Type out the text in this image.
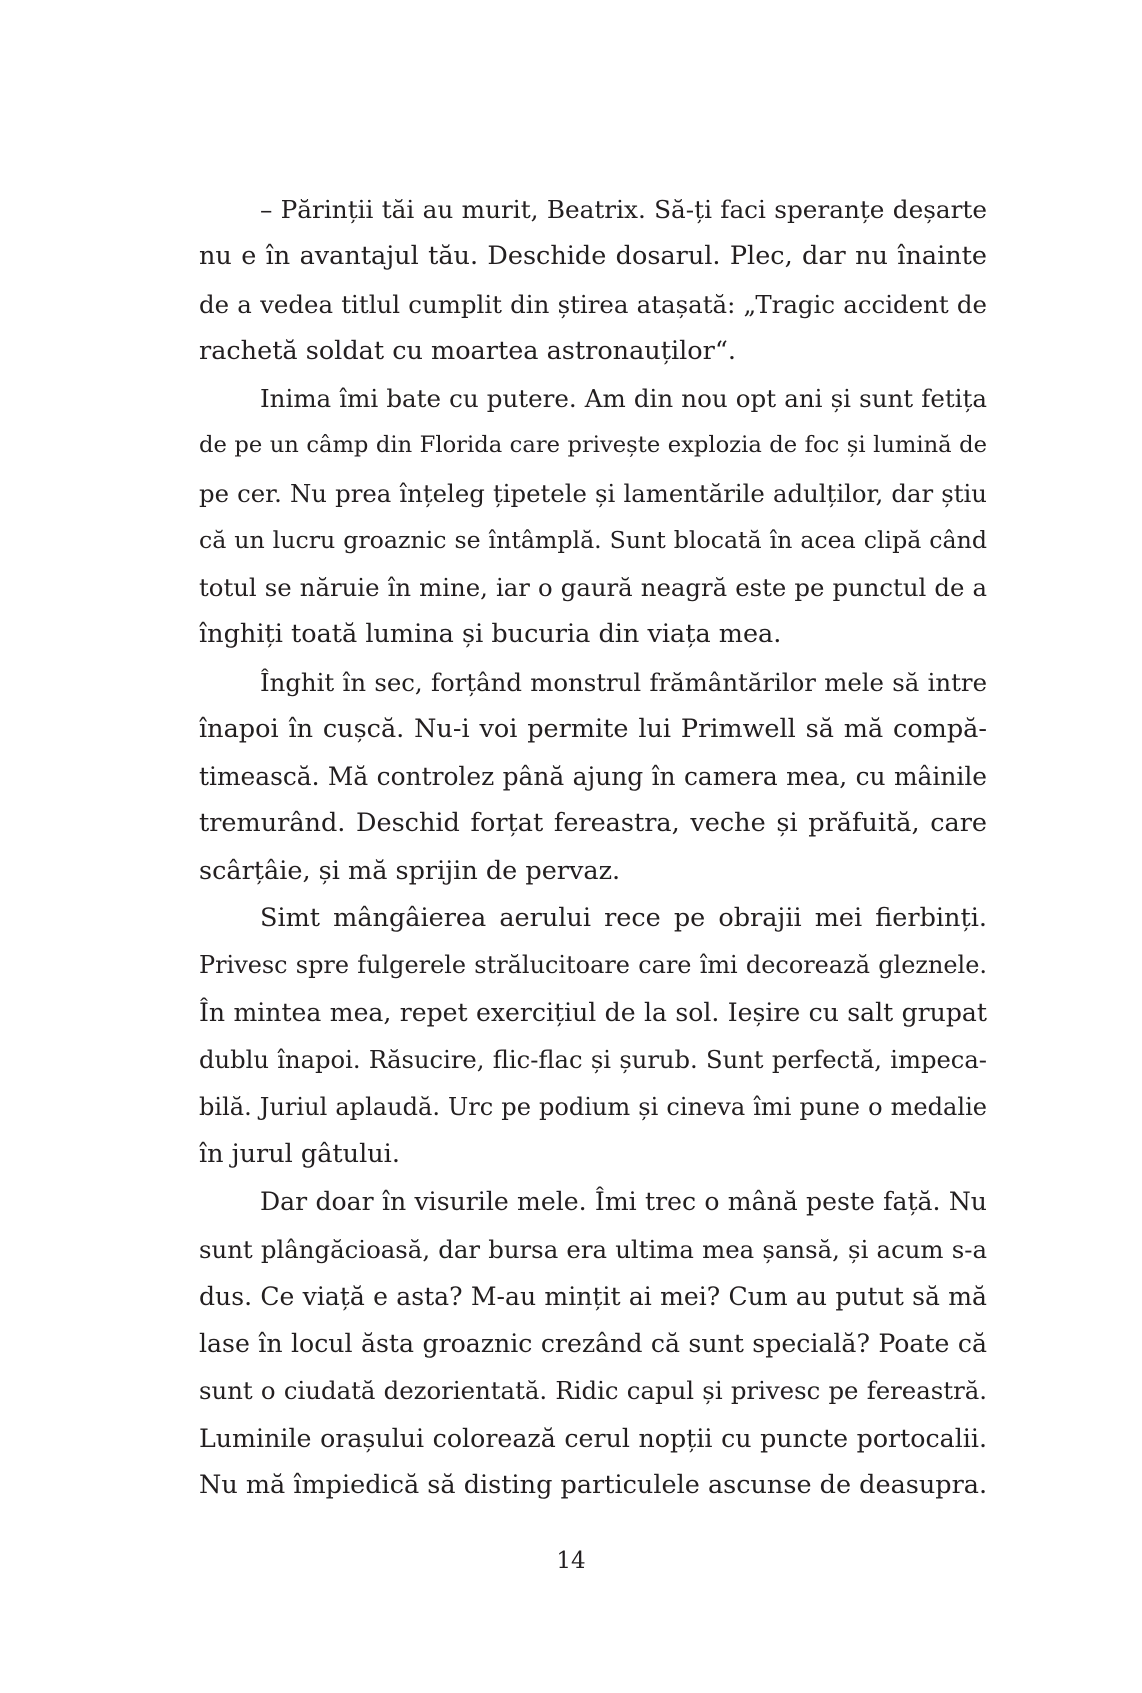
– Părinții tăi au murit, Beatrix. Să-ți faci speranțe deșarte
nu e în avantajul tău. Deschide dosarul. Plec, dar nu înainte
de a vedea titlul cumplit din știrea atașată: „Tragic accident de
rachetă soldat cu moartea astronauților“.
Inima îmi bate cu putere. Am din nou opt ani și sunt fetița
de pe un câmp din Florida care privește explozia de foc și lumină de
pe cer. Nu prea înțeleg țipetele și lamentările adulților, dar știu
că un lucru groaznic se întâmplă. Sunt blocată în acea clipă când
totul se năruie în mine, iar o gaură neagră este pe punctul de a
înghiți toată lumina și bucuria din viața mea.
Înghit în sec, forțând monstrul frământărilor mele să intre
înapoi în cușcă. Nu-i voi permite lui Primwell să mă compă-
timească. Mă controlez până ajung în camera mea, cu mâinile
tremurând. Deschid forțat fereastra, veche și prăfuită, care
scârțâie, și mă sprijin de pervaz.
Simt mângâierea aerului rece pe obrajii mei fierbinți.
Privesc spre fulgerele strălucitoare care îmi decorează gleznele.
În mintea mea, repet exercițiul de la sol. Ieșire cu salt grupat
dublu înapoi. Răsucire, flic-flac și șurub. Sunt perfectă, impeca-
bilă. Juriul aplaudă. Urc pe podium și cineva îmi pune o medalie
în jurul gâtului.
Dar doar în visurile mele. Îmi trec o mână peste față. Nu
sunt plângăcioasă, dar bursa era ultima mea șansă, și acum s-a
dus. Ce viață e asta? M-au mințit ai mei? Cum au putut să mă
lase în locul ăsta groaznic crezând că sunt specială? Poate că
sunt o ciudată dezorientată. Ridic capul și privesc pe fereastră.
Luminile orașului colorează cerul nopții cu puncte portocalii.
Nu mă împiedică să disting particulele ascunse de deasupra.
14
